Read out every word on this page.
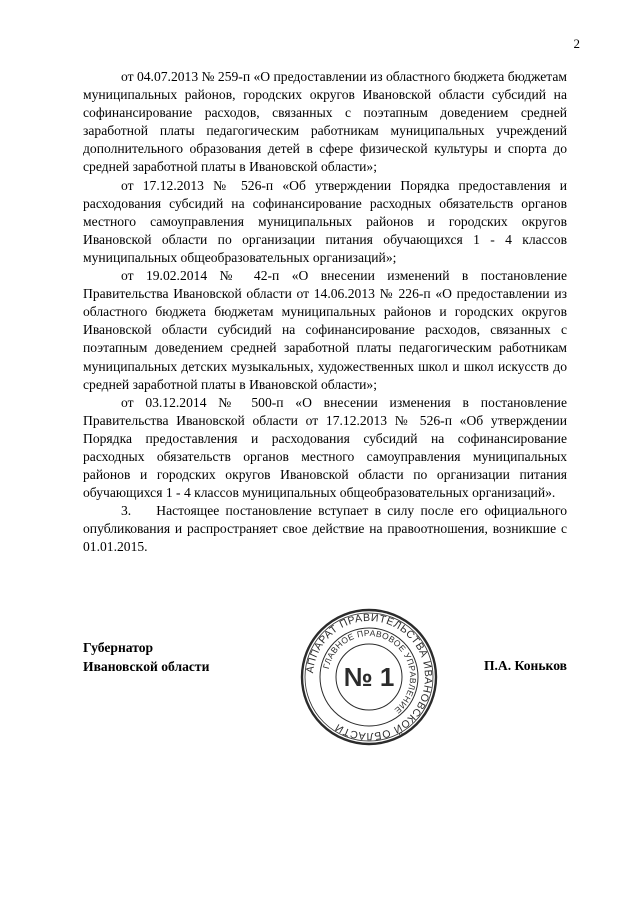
2

от 04.07.2013 № 259-п «О предоставлении из областного бюджета бюджетам муниципальных районов, городских округов Ивановской области субсидий на софинансирование расходов, связанных с поэтапным доведением средней заработной платы педагогическим работникам муниципальных учреждений дополнительного образования детей в сфере физической культуры и спорта до средней заработной платы в Ивановской области»;

от 17.12.2013 № 526-п «Об утверждении Порядка предоставления и расходования субсидий на софинансирование расходных обязательств органов местного самоуправления муниципальных районов и городских округов Ивановской области по организации питания обучающихся 1 - 4 классов муниципальных общеобразовательных организаций»;

от 19.02.2014 № 42-п «О внесении изменений в постановление Правительства Ивановской области от 14.06.2013 № 226-п «О предоставлении из областного бюджета бюджетам муниципальных районов и городских округов Ивановской области субсидий на софинансирование расходов, связанных с поэтапным доведением средней заработной платы педагогическим работникам муниципальных детских музыкальных, художественных школ и школ искусств до средней заработной платы в Ивановской области»;

от 03.12.2014 № 500-п «О внесении изменения в постановление Правительства Ивановской области от 17.12.2013 № 526-п «Об утверждении Порядка предоставления и расходования субсидий на софинансирование расходных обязательств органов местного самоуправления муниципальных районов и городских округов Ивановской области по организации питания обучающихся 1 - 4 классов муниципальных общеобразовательных организаций».

3.    Настоящее постановление вступает в силу после его официального опубликования и распространяет свое действие на правоотношения, возникшие с 01.01.2015.

Губернатор
Ивановской области	АППАРАТ ПРАВИТЕЛЬСТВА ИВАНОВСКОЙ ОБЛАСТИ
ГЛАВНОЕ ПРАВОВОЕ УПРАВЛЕНИЕ
№ 1	П.А. Коньков
